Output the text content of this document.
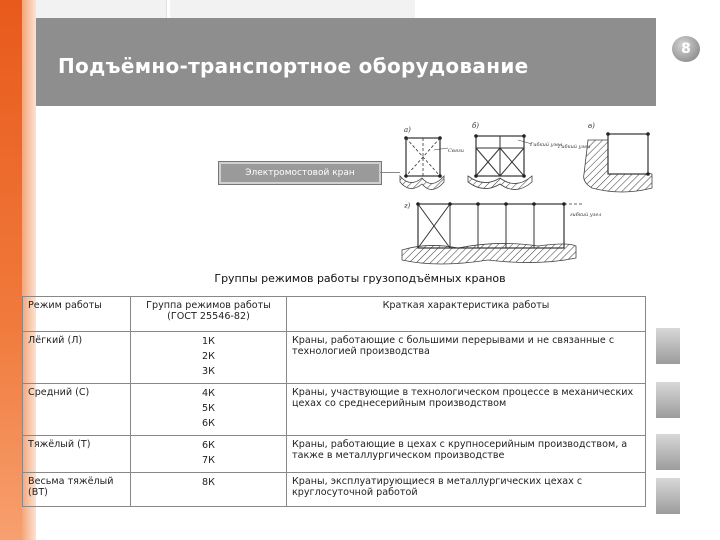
Подъёмно-транспортное оборудование
8
Электромостовой кран
а)
Связи
б)
Гибкий узел
в)
Гибкий узел
г)
гибкий узел
Группы режимов работы грузоподъёмных кранов
Режим работы	Группа режимов работы (ГОСТ 25546-82)	Краткая характеристика работы
Лёгкий (Л)	1К
2К
3К	Краны, работающие с большими перерывами и не связанные с технологией производства
Средний (С)	4К
5К
6К	Краны, участвующие в технологическом процессе в механических цехах со среднесерийным производством
Тяжёлый (Т)	6К
7К	Краны, работающие в цехах с крупносерийным производством, а также в металлургическом производстве
Весьма тяжёлый (ВТ)	8К	Краны, эксплуатирующиеся в металлургических цехах с круглосуточной работой
